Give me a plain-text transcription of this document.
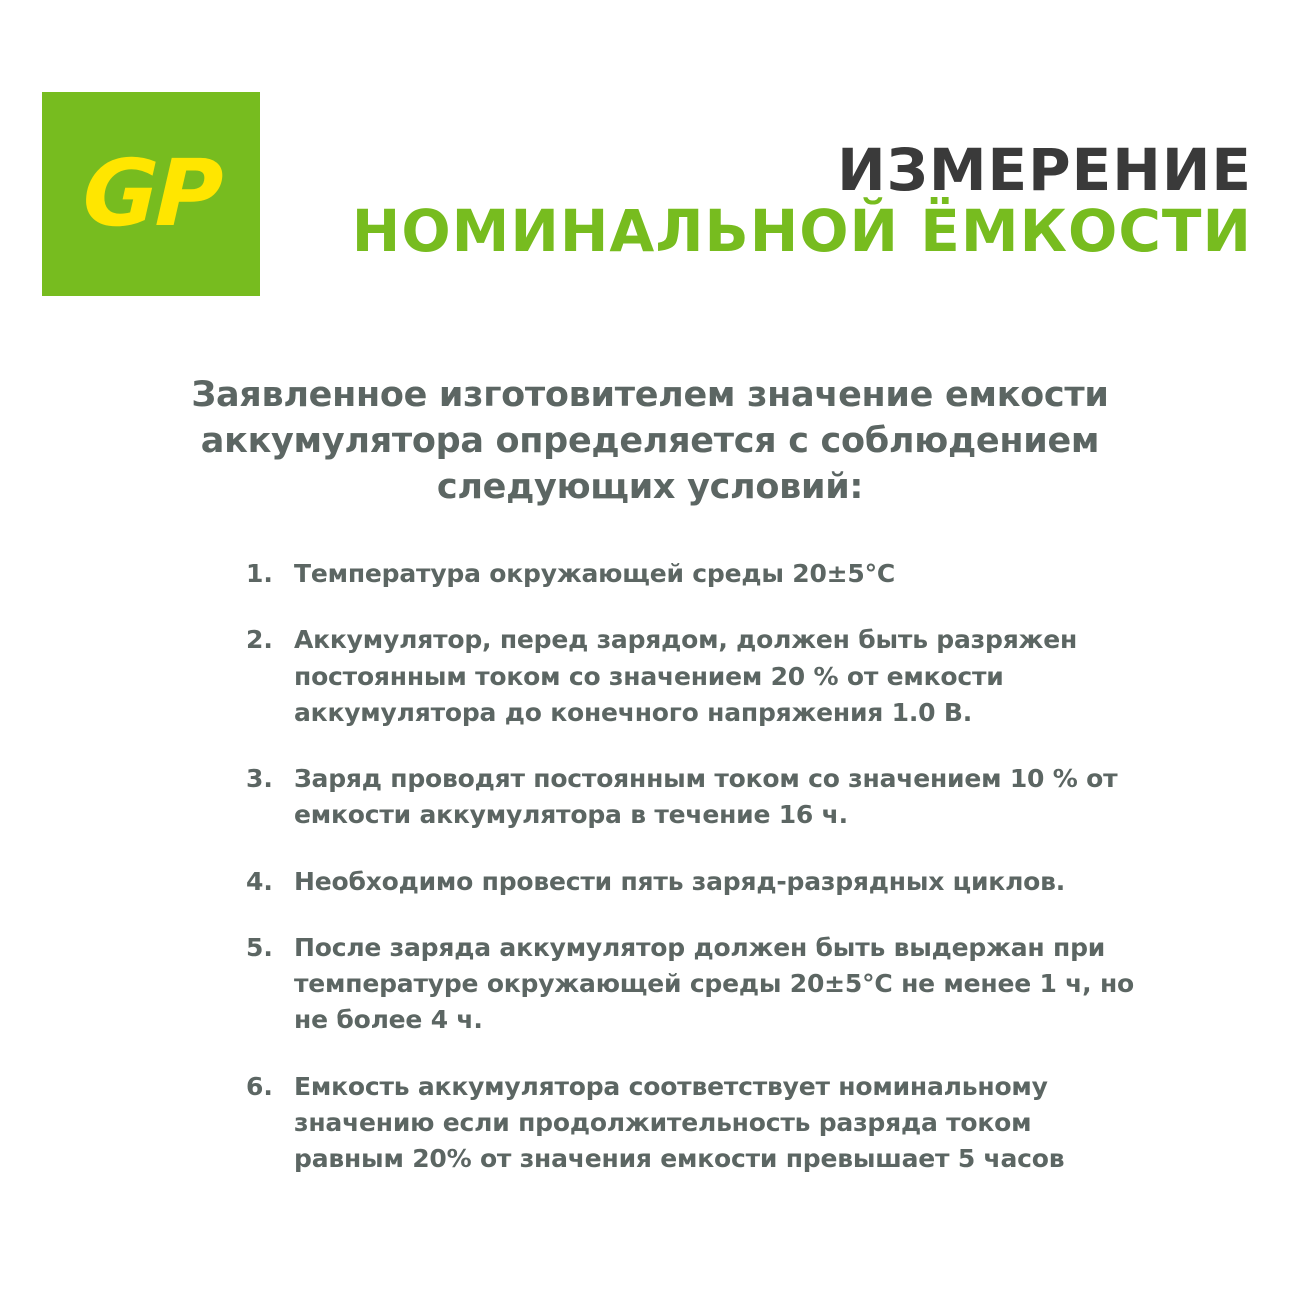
GP	ИЗМЕРЕНИЕ
НОМИНАЛЬНОЙ ЁМКОСТИ
Заявленное изготовителем значение емкости аккумулятора определяется с соблюдением следующих условий:
1. Температура окружающей среды 20±5°C
2. Аккумулятор, перед зарядом, должен быть разряжен постоянным током со значением 20 % от емкости аккумулятора до конечного напряжения 1.0 В.
3. Заряд проводят постоянным током со значением 10 % от емкости аккумулятора в течение 16 ч.
4. Необходимо провести пять заряд-разрядных циклов.
5. После заряда аккумулятор должен быть выдержан при температуре окружающей среды 20±5°C не менее 1 ч, но не более 4 ч.
6. Емкость аккумулятора соответствует номинальному значению если продолжительность разряда током равным 20% от значения емкости превышает 5 часов
